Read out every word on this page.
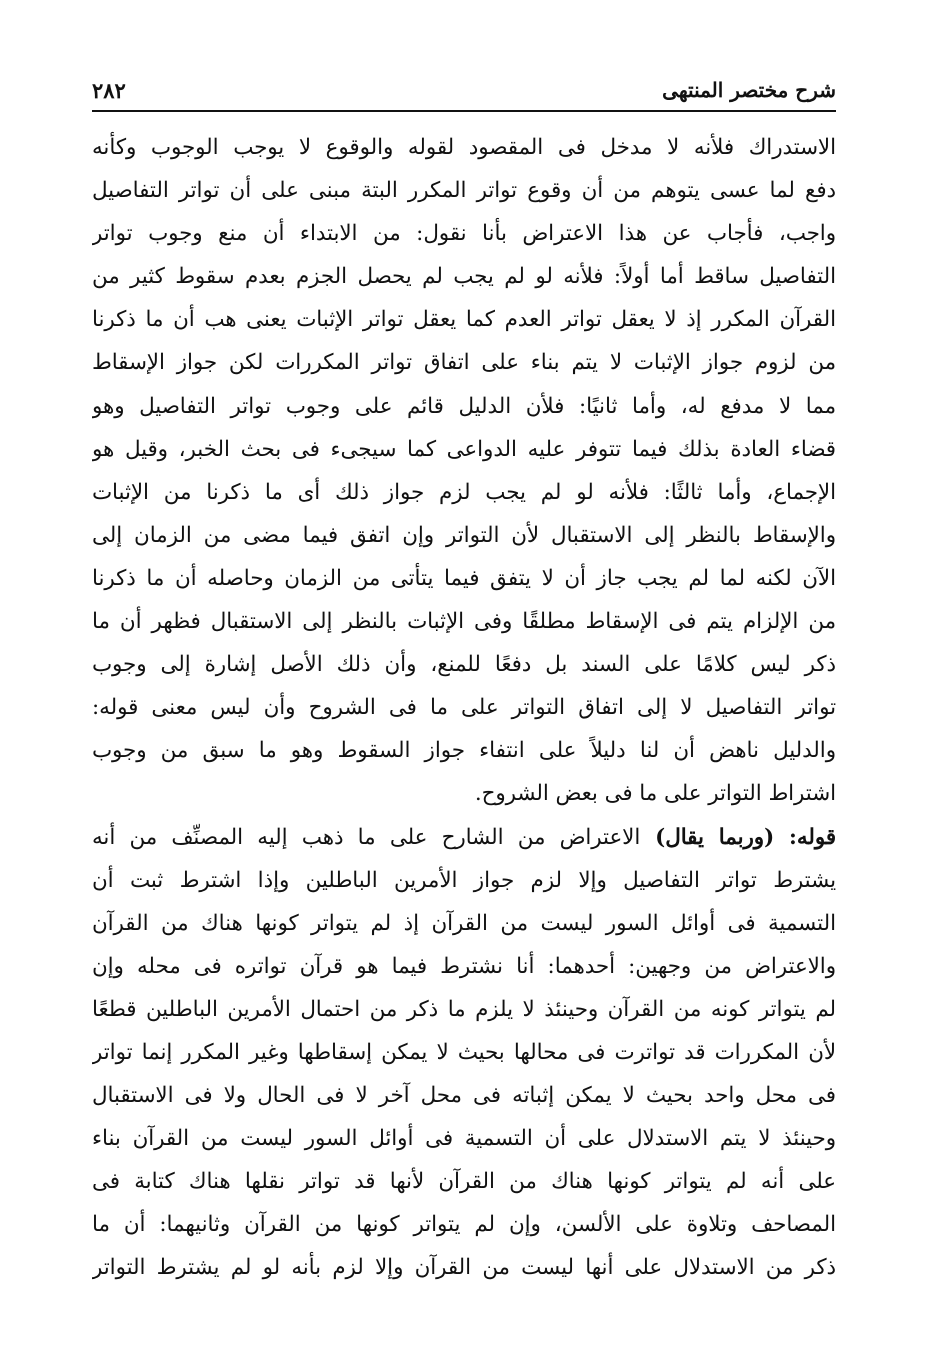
٢٨٢	شرح مختصر المنتهى
الاستدراك فلأنه لا مدخل فى المقصود لقوله والوقوع لا يوجب الوجوب وكأنه
دفع لما عسى يتوهم من أن وقوع تواتر المكرر البتة مبنى على أن تواتر التفاصيل
واجب، فأجاب عن هذا الاعتراض بأنا نقول: من الابتداء أن منع وجوب تواتر
التفاصيل ساقط أما أولاً: فلأنه لو لم يجب لم يحصل الجزم بعدم سقوط كثير من
القرآن المكرر إذ لا يعقل تواتر العدم كما يعقل تواتر الإثبات يعنى هب أن ما ذكرنا
من لزوم جواز الإثبات لا يتم بناء على اتفاق تواتر المكررات لكن جواز الإسقاط
مما لا مدفع له، وأما ثانيًا: فلأن الدليل قائم على وجوب تواتر التفاصيل وهو
قضاء العادة بذلك فيما تتوفر عليه الدواعى كما سيجىء فى بحث الخبر، وقيل هو
الإجماع، وأما ثالثًا: فلأنه لو لم يجب لزم جواز ذلك أى ما ذكرنا من الإثبات
والإسقاط بالنظر إلى الاستقبال لأن التواتر وإن اتفق فيما مضى من الزمان إلى
الآن لكنه لما لم يجب جاز أن لا يتفق فيما يتأتى من الزمان وحاصله أن ما ذكرنا
من الإلزام يتم فى الإسقاط مطلقًا وفى الإثبات بالنظر إلى الاستقبال فظهر أن ما
ذكر ليس كلامًا على السند بل دفعًا للمنع، وأن ذلك الأصل إشارة إلى وجوب
تواتر التفاصيل لا إلى اتفاق التواتر على ما فى الشروح وأن ليس معنى قوله:
والدليل ناهض أن لنا دليلاً على انتفاء جواز السقوط وهو ما سبق من وجوب
اشتراط التواتر على ما فى بعض الشروح.
قوله: (وربما يقال) الاعتراض من الشارح على ما ذهب إليه المصنِّف من أنه
يشترط تواتر التفاصيل وإلا لزم جواز الأمرين الباطلين وإذا اشترط ثبت أن
التسمية فى أوائل السور ليست من القرآن إذ لم يتواتر كونها هناك من القرآن
والاعتراض من وجهين: أحدهما: أنا نشترط فيما هو قرآن تواتره فى محله وإن
لم يتواتر كونه من القرآن وحينئذ لا يلزم ما ذكر من احتمال الأمرين الباطلين قطعًا
لأن المكررات قد تواترت فى محالها بحيث لا يمكن إسقاطها وغير المكرر إنما تواتر
فى محل واحد بحيث لا يمكن إثباته فى محل آخر لا فى الحال ولا فى الاستقبال
وحينئذ لا يتم الاستدلال على أن التسمية فى أوائل السور ليست من القرآن بناء
على أنه لم يتواتر كونها هناك من القرآن لأنها قد تواتر نقلها هناك كتابة فى
المصاحف وتلاوة على الألسن، وإن لم يتواتر كونها من القرآن وثانيهما: أن ما
ذكر من الاستدلال على أنها ليست من القرآن وإلا لزم بأنه لو لم يشترط التواتر
